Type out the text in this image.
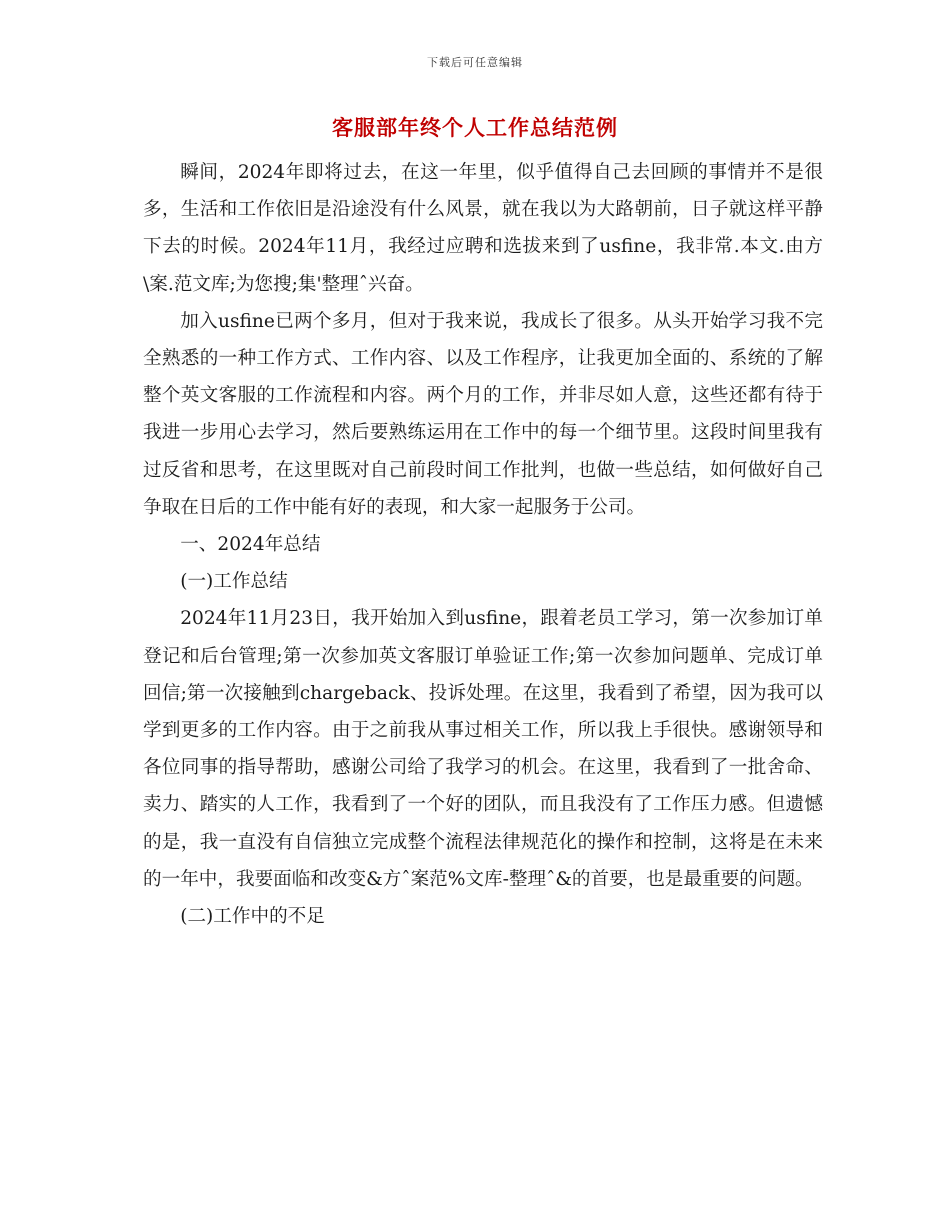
下载后可任意编辑
客服部年终个人工作总结范例

瞬间，2024年即将过去，在这一年里，似乎值得自己去回顾的事情并不是很多，生活和工作依旧是沿途没有什么风景，就在我以为大路朝前，日子就这样平静下去的时候。2024年11月，我经过应聘和选拔来到了usfine，我非常.本文.由方\案.范文库;为您搜;集'整理ˆ兴奋。

加入usfine已两个多月，但对于我来说，我成长了很多。从头开始学习我不完全熟悉的一种工作方式、工作内容、以及工作程序，让我更加全面的、系统的了解整个英文客服的工作流程和内容。两个月的工作，并非尽如人意，这些还都有待于我进一步用心去学习，然后要熟练运用在工作中的每一个细节里。这段时间里我有过反省和思考，在这里既对自己前段时间工作批判，也做一些总结，如何做好自己争取在日后的工作中能有好的表现，和大家一起服务于公司。

一、2024年总结

(一)工作总结

2024年11月23日，我开始加入到usfine，跟着老员工学习，第一次参加订单登记和后台管理;第一次参加英文客服订单验证工作;第一次参加问题单、完成订单回信;第一次接触到chargeback、投诉处理。在这里，我看到了希望，因为我可以学到更多的工作内容。由于之前我从事过相关工作，所以我上手很快。感谢领导和各位同事的指导帮助，感谢公司给了我学习的机会。在这里，我看到了一批舍命、卖力、踏实的人工作，我看到了一个好的团队，而且我没有了工作压力感。但遗憾的是，我一直没有自信独立完成整个流程法律规范化的操作和控制，这将是在未来的一年中，我要面临和改变&方ˆ案范%文库-整理ˆ&的首要，也是最重要的问题。

(二)工作中的不足
